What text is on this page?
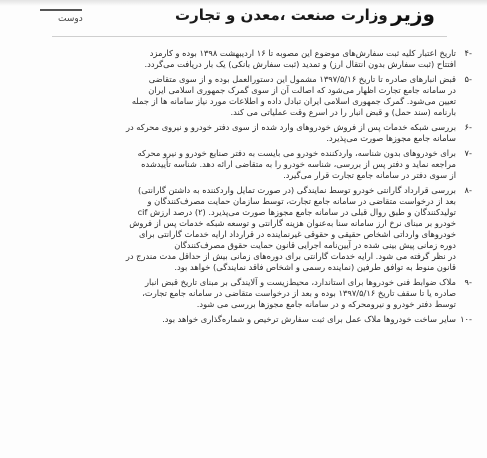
دوست	وزارت صنعت ،معدن و تجارت وزیر
-۴
تاریخ اعتبار کلیه ثبت سفارش‌های موضوع این مصوبه تا ۱۶ اردیبهشت ۱۳۹۸ بوده و کارمزد
افتتاح (ثبت سفارش بدون انتقال ارز) و تمدید (ثبت سفارش بانکی) یک بار دریافت می‌گردد.
-۵
قبض انبارهای صادره تا تاریخ ۱۳۹۷/۵/۱۶ مشمول این دستورالعمل بوده و از سوی متقاضی
در سامانه جامع تجارت اظهار می‌شود که اصالت آن از سوی گمرک جمهوری اسلامی ایران
تعیین می‌شود. گمرک جمهوری اسلامی ایران تبادل داده و اطلاعات مورد نیاز سامانه ها از جمله
بارنامه (سند حمل) و قبض انبار را در اسرع وقت عملیاتی می کند.
-۶
بررسی شبکه خدمات پس از فروش خودروهای وارد شده از سوی دفتر خودرو و نیروی محرکه در
سامانه جامع مجوزها صورت می‌پذیرد.
-۷
برای خودروهای بدون شناسه، واردکننده خودرو می بایست به دفتر صنایع خودرو و نیرو محرکه
مراجعه نماید و دفتر پس از بررسی، شناسه خودرو را به متقاضی ارائه دهد. شناسه تأییدشده
از سوی دفتر در سامانه جامع تجارت قرار می‌گیرد.
-۸
بررسی قرارداد گارانتی خودرو توسط نمایندگی (در صورت تمایل واردکننده به داشتن گارانتی)
بعد از درخواست متقاضی در سامانه جامع تجارت، توسط سازمان حمایت مصرف‌کنندگان و
تولیدکنندگان و طبق روال قبلی در سامانه جامع مجوزها صورت می‌پذیرد. (۲) درصد ارزش cif
خودرو بر مبنای نرخ ارز سامانه سنا به‌عنوان هزینه گارانتی و توسعه شبکه خدمات پس از فروش
خودروهای وارداتی اشخاص حقیقی و حقوقی غیرنماینده در قرارداد ارایه خدمات گارانتی برای
دوره زمانی پیش بینی شده در آیین‌نامه اجرایی قانون حمایت حقوق مصرف‌کنندگان
در نظر گرفته می شود. ارایه خدمات گارانتی برای دوره‌های زمانی بیش از حداقل مدت مندرج در
قانون منوط به توافق طرفین (نماینده رسمی و اشخاص فاقد نمایندگی) خواهد بود.
-۹
ملاک ضوابط فنی خودروها برای استاندارد، محیط‌زیست و آلایندگی بر مبنای تاریخ قبض انبار
صادره یا تا سقف تاریخ ۱۳۹۷/۵/۱۶ بوده و بعد از درخواست متقاضی در سامانه جامع تجارت،
توسط دفتر خودرو و نیرومحرکه و در سامانه جامع مجوزها بررسی می شود.
-۱۰
سایر ساخت خودروها ملاک عمل برای ثبت سفارش ترخیص و شماره‌گذاری خواهد بود.
